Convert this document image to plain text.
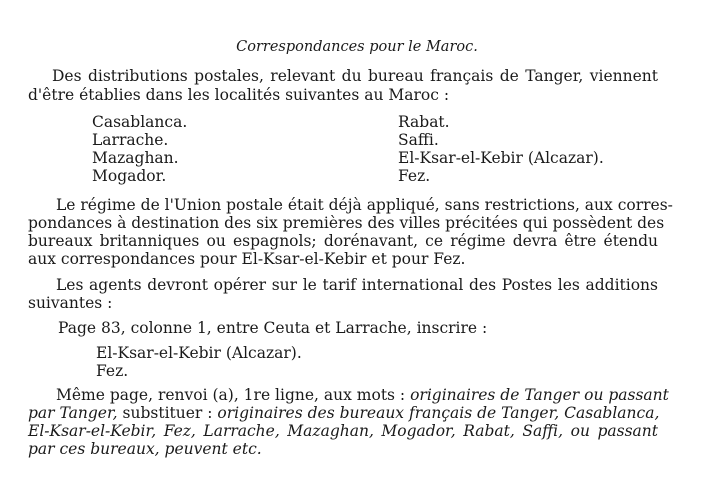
Correspondances pour le Maroc.
Des distributions postales, relevant du bureau français de Tanger, viennent
d'être établies dans les localités suivantes au Maroc :
Casablanca.
Larrache.
Mazaghan.
Mogador.
Rabat.
Saffi.
El-Ksar-el-Kebir (Alcazar).
Fez.
Le régime de l'Union postale était déjà appliqué, sans restrictions, aux corres-
pondances à destination des six premières des villes précitées qui possèdent des
bureaux britanniques ou espagnols; dorénavant, ce régime devra être étendu
aux correspondances pour El-Ksar-el-Kebir et pour Fez.
Les agents devront opérer sur le tarif international des Postes les additions
suivantes :
Page 83, colonne 1, entre Ceuta et Larrache, inscrire :
El-Ksar-el-Kebir (Alcazar).
Fez.
Même page, renvoi (a), 1re ligne, aux mots : originaires de Tanger ou passant
par Tanger, substituer : originaires des bureaux français de Tanger, Casablanca,
El-Ksar-el-Kebir, Fez, Larrache, Mazaghan, Mogador, Rabat, Saffi, ou passant
par ces bureaux, peuvent etc.
